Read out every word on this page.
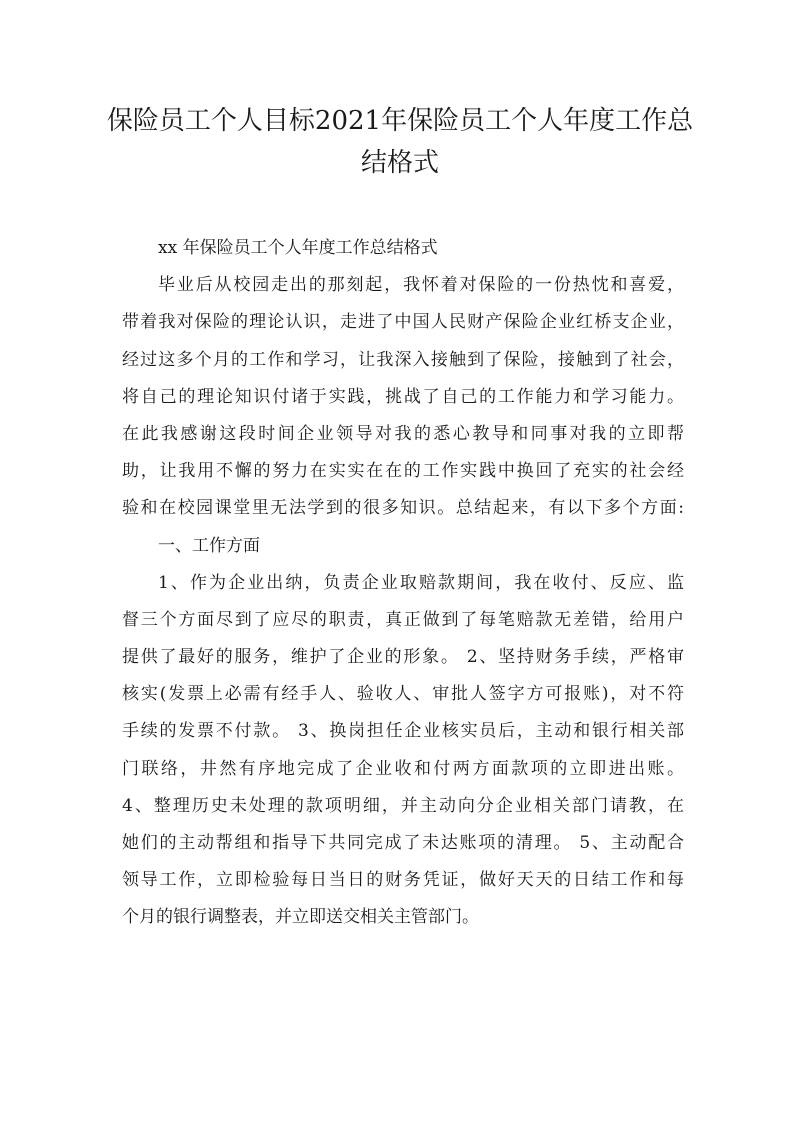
保险员工个人目标2021年保险员工个人年度工作总
结格式
xx 年保险员工个人年度工作总结格式
毕业后从校园走出的那刻起，我怀着对保险的一份热忱和喜爱，
带着我对保险的理论认识，走进了中国人民财产保险企业红桥支企业，
经过这多个月的工作和学习，让我深入接触到了保险，接触到了社会，
将自己的理论知识付诸于实践，挑战了自己的工作能力和学习能力。
在此我感谢这段时间企业领导对我的悉心教导和同事对我的立即帮
助，让我用不懈的努力在实实在在的工作实践中换回了充实的社会经
验和在校园课堂里无法学到的很多知识。总结起来，有以下多个方面:
一、工作方面
1、作为企业出纳，负责企业取赔款期间，我在收付、反应、监
督三个方面尽到了应尽的职责，真正做到了每笔赔款无差错，给用户
提供了最好的服务，维护了企业的形象。 2、坚持财务手续，严格审
核实(发票上必需有经手人、验收人、审批人签字方可报账)，对不符
手续的发票不付款。 3、换岗担任企业核实员后，主动和银行相关部
门联络，井然有序地完成了企业收和付两方面款项的立即进出账。
4、整理历史未处理的款项明细，并主动向分企业相关部门请教，在
她们的主动帮组和指导下共同完成了未达账项的清理。 5、主动配合
领导工作，立即检验每日当日的财务凭证，做好天天的日结工作和每
个月的银行调整表，并立即送交相关主管部门。
